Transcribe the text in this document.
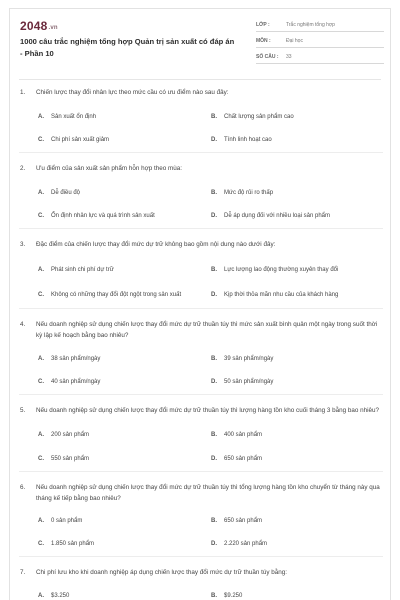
2048.vn
1000 câu trắc nghiệm tổng hợp Quản trị sản xuất có đáp án - Phần 10
LỚP :	Trắc nghiệm tổng hợp
MÔN :	Đại học
SỐ CÂU :	33
1.	Chiến lược thay đổi nhân lực theo mức cầu có ưu điểm nào sau đây:
A.	Sản xuất ổn định	B.	Chất lượng sản phẩm cao
C.	Chi phí sản xuất giảm	D.	Tính linh hoạt cao
2.	Ưu điểm của sản xuất sản phẩm hỗn hợp theo mùa:
A.	Dễ điều độ	B.	Mức độ rủi ro thấp
C.	Ổn định nhân lực và quá trình sản xuất	D.	Dễ áp dụng đối với nhiều loại sản phẩm
3.	Đặc điểm của chiến lược thay đổi mức dự trữ không bao gồm nội dung nào dưới đây:
A.	Phát sinh chi phí dự trữ	B.	Lực lượng lao động thường xuyên thay đổi
C.	Không có những thay đổi đột ngột trong sản xuất	D.	Kịp thời thỏa mãn nhu cầu của khách hàng
4.	Nếu doanh nghiệp sử dụng chiến lược thay đổi mức dự trữ thuần túy thì mức sản xuất bình quân một ngày trong suốt thời kỳ lập kế hoạch bằng bao nhiêu?
A.	38 sản phẩm/ngày	B.	39 sản phẩm/ngày
C.	40 sản phẩm/ngày	D.	50 sản phẩm/ngày
5.	Nếu doanh nghiệp sử dụng chiến lược thay đổi mức dự trữ thuần túy thì lượng hàng tồn kho cuối tháng 3 bằng bao nhiêu?
A.	200 sản phẩm	B.	400 sản phẩm
C.	550 sản phẩm	D.	650 sản phẩm
6.	Nếu doanh nghiệp sử dụng chiến lược thay đổi mức dự trữ thuần túy thì tổng lượng hàng tồn kho chuyển từ tháng này qua tháng kế tiếp bằng bao nhiêu?
A.	0 sản phẩm	B.	650 sản phẩm
C.	1.850 sản phẩm	D.	2.220 sản phẩm
7.	Chi phí lưu kho khi doanh nghiệp áp dụng chiến lược thay đổi mức dự trữ thuần túy bằng:
A.	$3.250	B.	$9.250
